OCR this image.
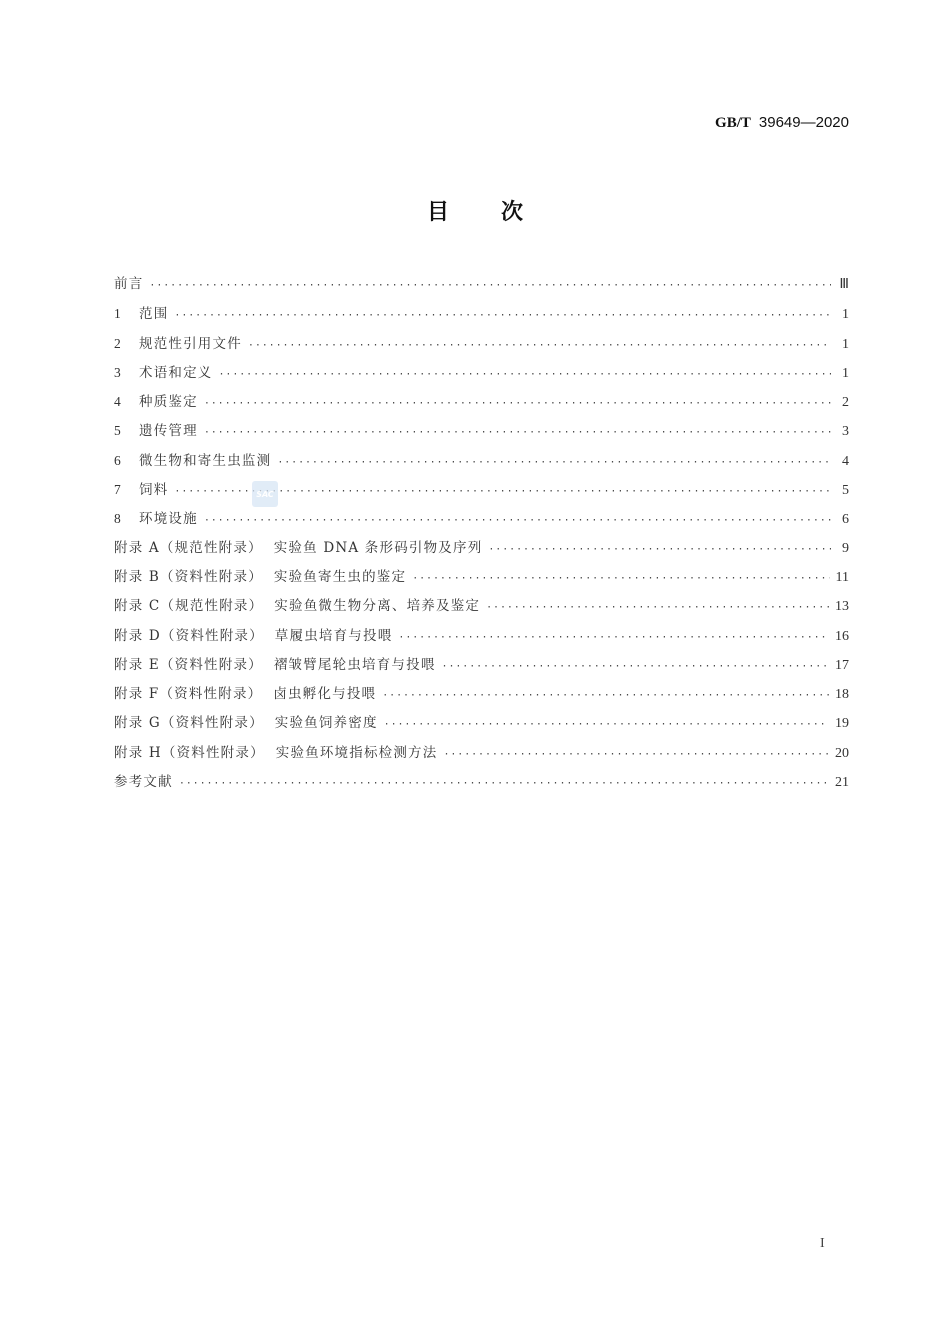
GB/T 39649—2020
目 次
前言 ·····	Ⅲ
1	范围 ·····	1
2	规范性引用文件 ·····	1
3	术语和定义 ·····	1
4	种质鉴定 ·····	2
5	遗传管理 ·····	3
6	微生物和寄生虫监测 ·····	4
7	饲料 ·····	5
8	环境设施 ·····	6
附录 A（规范性附录）  实验鱼 DNA 条形码引物及序列 ·····	9
附录 B（资料性附录）  实验鱼寄生虫的鉴定 ·····	11
附录 C（规范性附录）  实验鱼微生物分离、培养及鉴定 ·····	13
附录 D（资料性附录）  草履虫培育与投喂 ·····	16
附录 E（资料性附录）  褶皱臂尾轮虫培育与投喂 ·····	17
附录 F（资料性附录）  卤虫孵化与投喂 ·····	18
附录 G（资料性附录）  实验鱼饲养密度 ·····	19
附录 H（资料性附录）  实验鱼环境指标检测方法 ·····	20
参考文献 ·····	21
SAC
I
